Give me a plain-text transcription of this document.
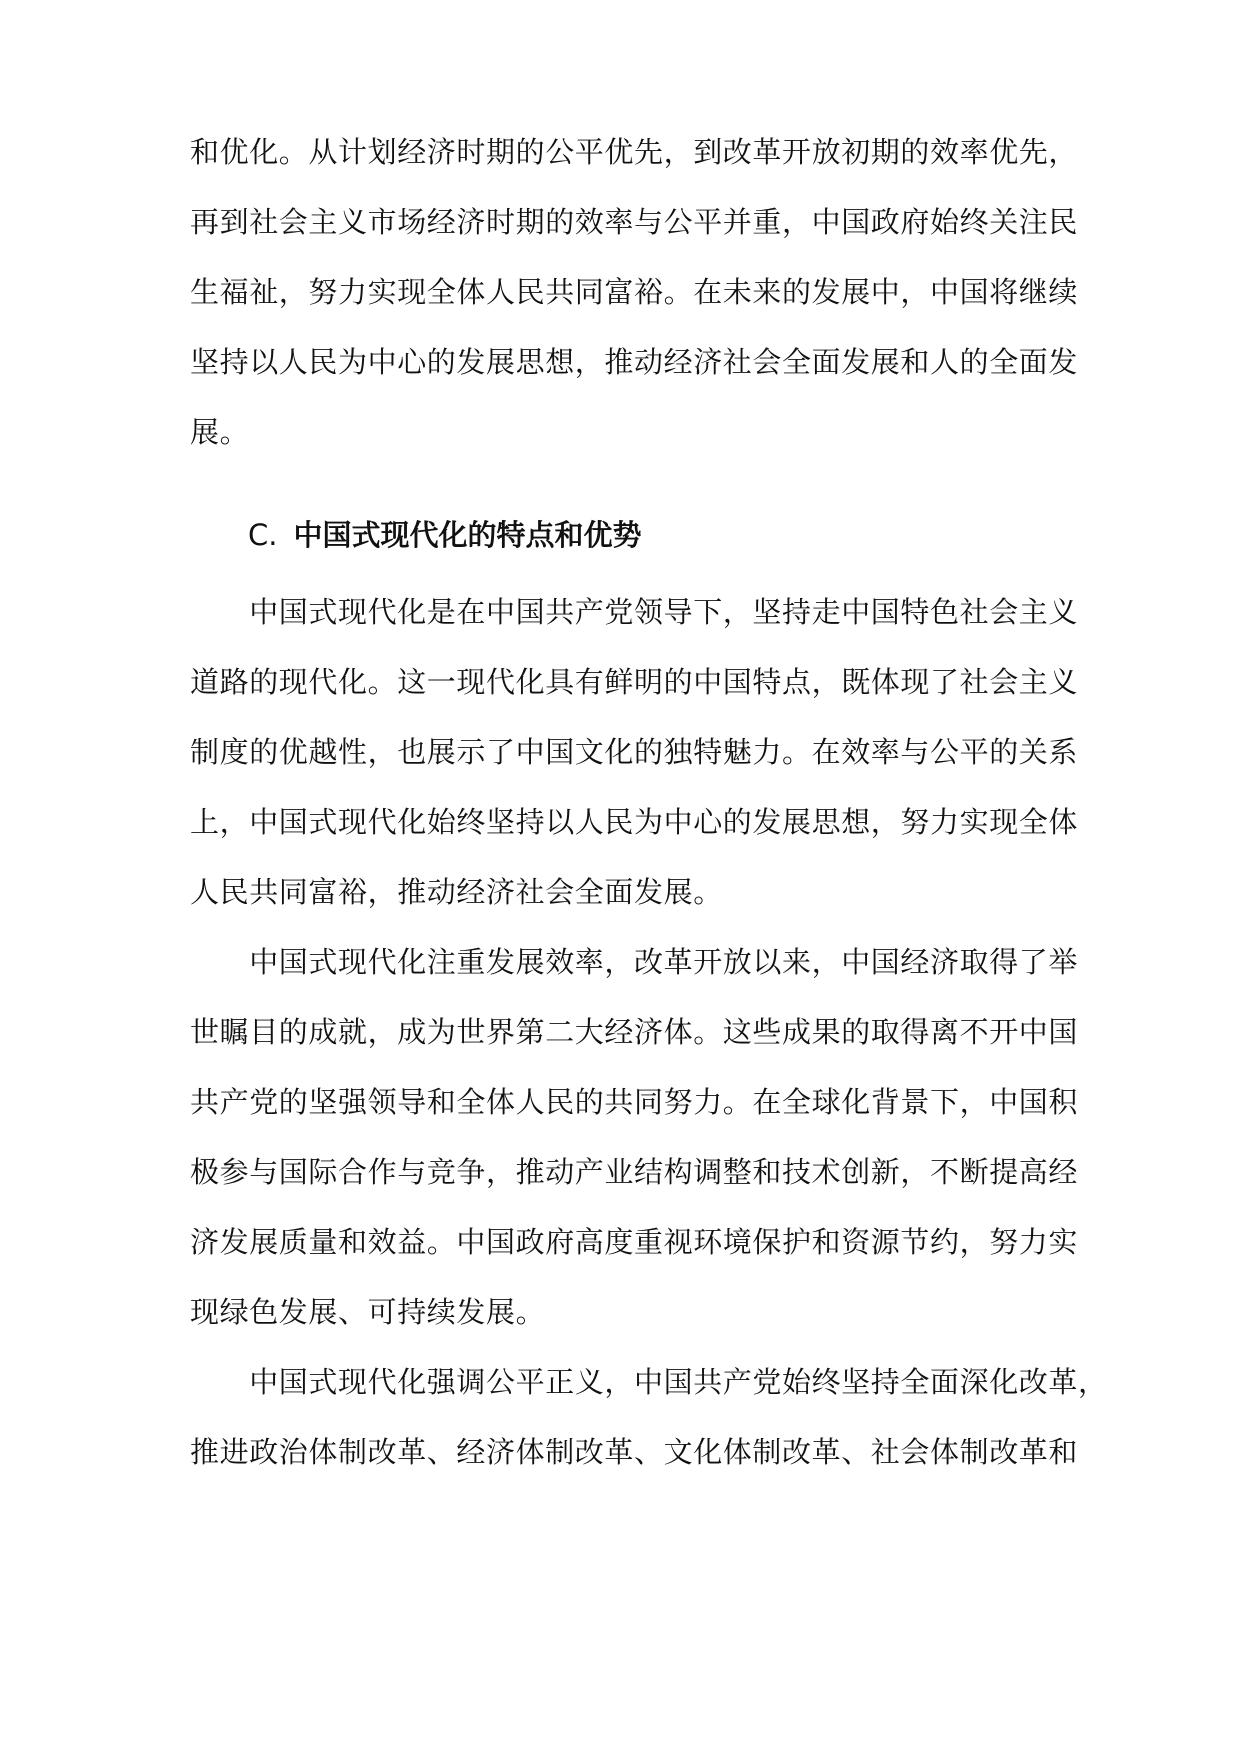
和优化。从计划经济时期的公平优先，到改革开放初期的效率优先，
再到社会主义市场经济时期的效率与公平并重，中国政府始终关注民
生福祉，努力实现全体人民共同富裕。在未来的发展中，中国将继续
坚持以人民为中心的发展思想，推动经济社会全面发展和人的全面发
展。
C. 中国式现代化的特点和优势
　　中国式现代化是在中国共产党领导下，坚持走中国特色社会主义
道路的现代化。这一现代化具有鲜明的中国特点，既体现了社会主义
制度的优越性，也展示了中国文化的独特魅力。在效率与公平的关系
上，中国式现代化始终坚持以人民为中心的发展思想，努力实现全体
人民共同富裕，推动经济社会全面发展。
　　中国式现代化注重发展效率，改革开放以来，中国经济取得了举
世瞩目的成就，成为世界第二大经济体。这些成果的取得离不开中国
共产党的坚强领导和全体人民的共同努力。在全球化背景下，中国积
极参与国际合作与竞争，推动产业结构调整和技术创新，不断提高经
济发展质量和效益。中国政府高度重视环境保护和资源节约，努力实
现绿色发展、可持续发展。
　　中国式现代化强调公平正义，中国共产党始终坚持全面深化改革，
推进政治体制改革、经济体制改革、文化体制改革、社会体制改革和
